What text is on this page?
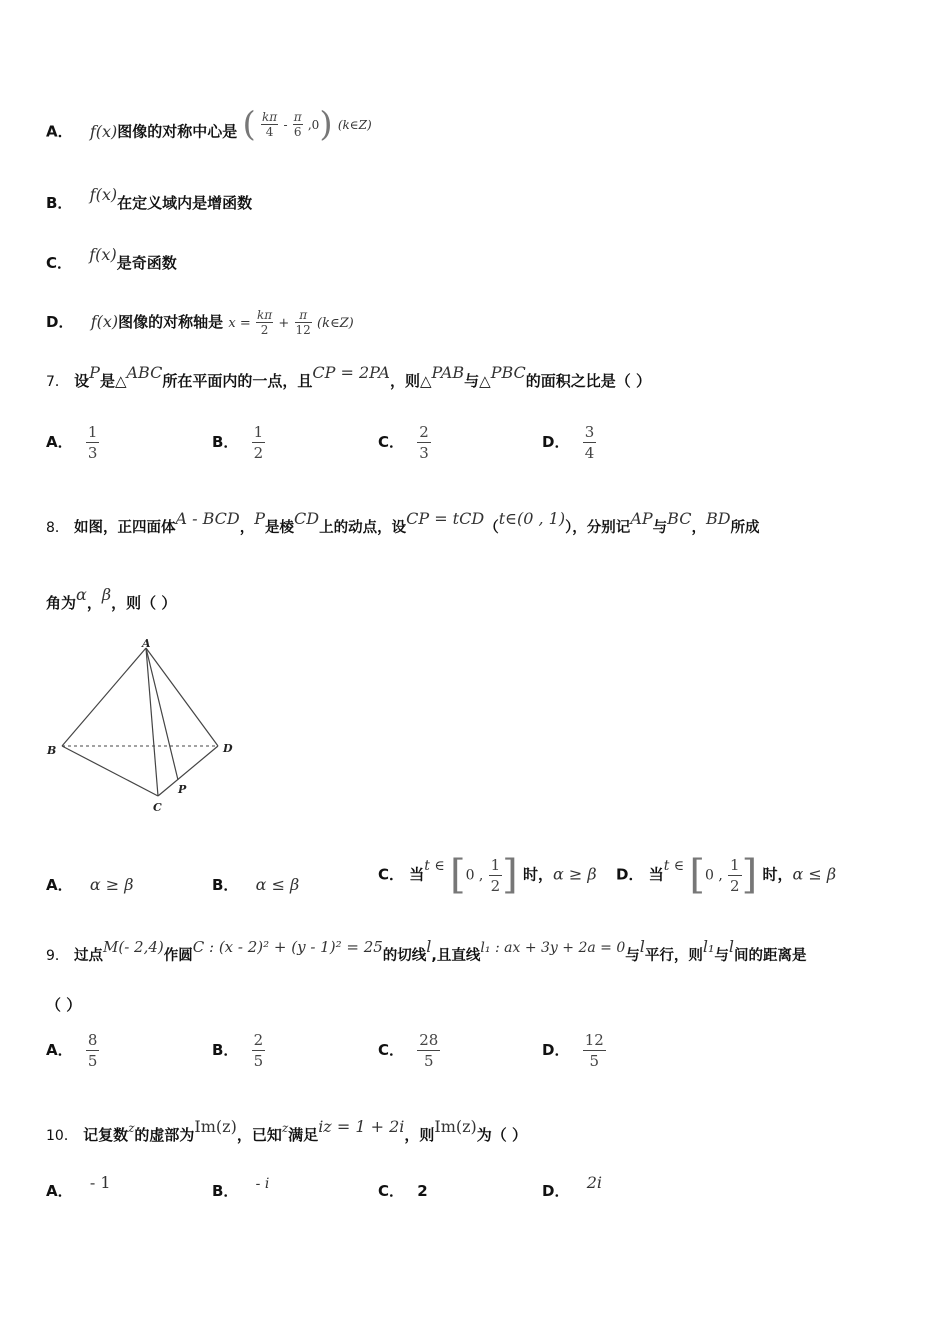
A． f(x)图像的对称中心是 ( $\frac{k\pi}{4} - \frac{\pi}{6} ,0$) (k∈Z)
B． f(x)在定义域内是增函数
C． f(x)是奇函数
D． f(x)图像的对称轴是 $x = \frac{k\pi}{2} + \frac{\pi}{12}$ (k∈Z)
7． 设P是△ABC所在平面内的一点，且CP = 2PA，则△PAB与△PBC的面积之比是（ ）
A． $\frac{1}{3}$	B． $\frac{1}{2}$	C． $\frac{2}{3}$	D． $\frac{3}{4}$
8． 如图，正四面体A - BCD，P是棱CD上的动点，设CP = tCD（t∈(0 , 1)），分别记AP与BC，BD所成
角为α，β，则（ ）
A
B
C
D
P
A． α ≥ β	B． α ≤ β
C． 当t ∈ [0 , $\frac{1}{2}$ ] 时，α ≥ β D． 当t ∈ [0 , $\frac{1}{2}$ ] 时，α ≤ β
9． 过点M(- 2,4)作圆C : (x - 2)² + (y - 1)² = 25的切线l,且直线l₁ : ax + 3y + 2a = 0与l平行，则l₁与l间的距离是
（ ）
A． $\frac{8}{5}$	B． $\frac{2}{5}$	C． $\frac{28}{5}$	D． $\frac{12}{5}$
10． 记复数$^z$的虚部为Im(z)，已知$^z$满足iz = 1 + 2i，则Im(z)为（ ）
A． - 1	B． - i	C． 2	D． 2i
